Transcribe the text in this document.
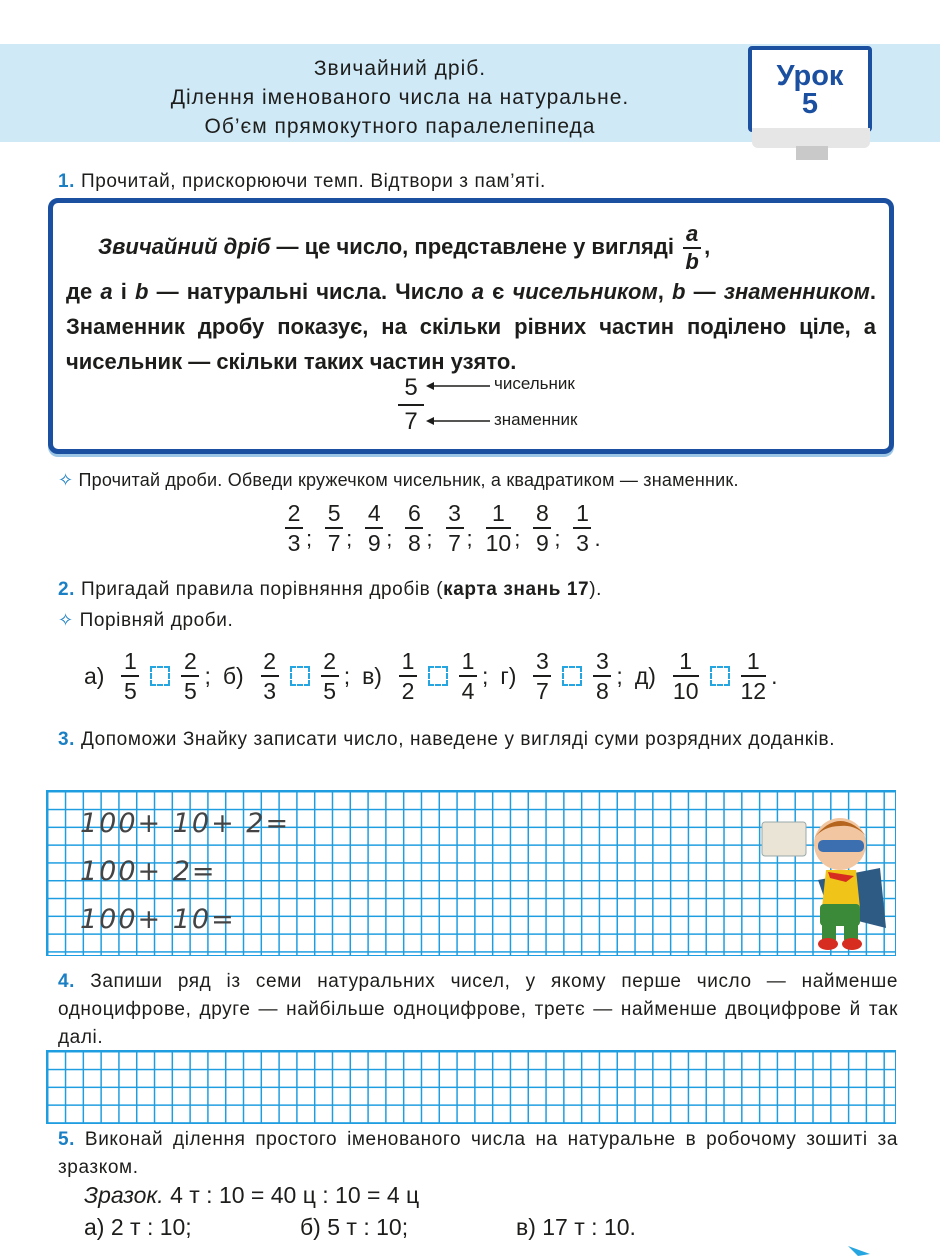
Звичайний дріб.
Ділення іменованого числа на натуральне.
Об’єм прямокутного паралелепіпеда
Урок
5
1. Прочитай, прискорюючи темп. Відтвори з пам’яті.
Звичайний дріб — це число, представлене у вигляді $\frac{a}{b}$ ,
де a і b — натуральні числа. Число a є чисельником, b — знаменником. Знаменник дробу показує, на скільки рівних частин поділено ціле, а чисельник — скільки таких частин узято.
5
7
чисельник
знаменник
✧ Прочитай дроби. Обведи кружечком чисельник, а квадратиком — знаменник.
$\frac{2}{3}$ ; $\frac{5}{7}$ ; $\frac{4}{9}$ ; $\frac{6}{8}$ ; $\frac{3}{7}$ ; $\frac{1}{10}$ ; $\frac{8}{9}$ ; $\frac{1}{3}$ .
2. Пригадай правила порівняння дробів (карта знань 17).
✧ Порівняй дроби.
$а) \frac{1}{5} \frac{2}{5}$ ; $б) \frac{2}{3} \frac{2}{5}$ ; $в) \frac{1}{2} \frac{1}{4}$ ; $г) \frac{3}{7} \frac{3}{8}$ ; $д) \frac{1}{10} \frac{1}{12}$ .
3. Допоможи Знайку записати число, наведене у вигляді суми розрядних доданків.
100+ 10+ 2=
100+ 2=
100+ 10=
4. Запиши ряд із семи натуральних чисел, у якому перше число — найменше одноцифрове, друге — найбільше одноцифрове, третє — найменше двоцифрове й так далі.
5. Виконай ділення простого іменованого числа на натуральне в робочому зошиті за зразком.
Зразок. 4 т : 10 = 40 ц : 10 = 4 ц
а) 2 т : 10;	б) 5 т : 10;	в) 17 т : 10.
